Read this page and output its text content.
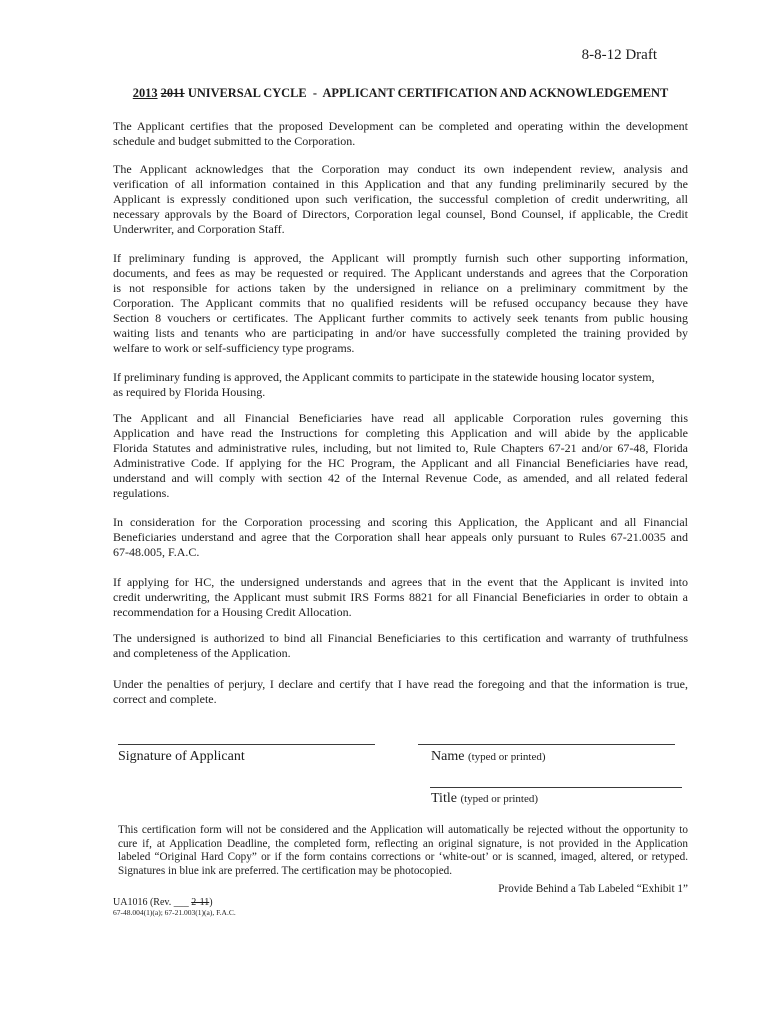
8-8-12 Draft
2013 2011 UNIVERSAL CYCLE  -  APPLICANT CERTIFICATION AND ACKNOWLEDGEMENT
The Applicant certifies that the proposed Development can be completed and operating within the development
schedule and budget submitted to the Corporation.
The Applicant acknowledges that the Corporation may conduct its own independent review, analysis and
verification of all information contained in this Application and that any funding preliminarily secured by the
Applicant is expressly conditioned upon such verification, the successful completion of credit underwriting, all
necessary approvals by the Board of Directors, Corporation legal counsel, Bond Counsel, if applicable, the Credit
Underwriter, and Corporation Staff.
If preliminary funding is approved, the Applicant will promptly furnish such other supporting information,
documents, and fees as may be requested or required. The Applicant understands and agrees that the Corporation
is not responsible for actions taken by the undersigned in reliance on a preliminary commitment by the
Corporation. The Applicant commits that no qualified residents will be refused occupancy because they have
Section 8 vouchers or certificates. The Applicant further commits to actively seek tenants from public housing
waiting lists and tenants who are participating in and/or have successfully completed the training provided by
welfare to work or self-sufficiency type programs.
If preliminary funding is approved, the Applicant commits to participate in the statewide housing locator system,
as required by Florida Housing.
The Applicant and all Financial Beneficiaries have read all applicable Corporation rules governing this
Application and have read the Instructions for completing this Application and will abide by the applicable
Florida Statutes and administrative rules, including, but not limited to, Rule Chapters 67-21 and/or 67-48, Florida
Administrative Code. If applying for the HC Program, the Applicant and all Financial Beneficiaries have read,
understand and will comply with section 42 of the Internal Revenue Code, as amended, and all related federal
regulations.
In consideration for the Corporation processing and scoring this Application, the Applicant and all Financial
Beneficiaries understand and agree that the Corporation shall hear appeals only pursuant to Rules 67-21.0035 and
67-48.005, F.A.C.
If applying for HC, the undersigned understands and agrees that in the event that the Applicant is invited into
credit underwriting, the Applicant must submit IRS Forms 8821 for all Financial Beneficiaries in order to obtain a
recommendation for a Housing Credit Allocation.
The undersigned is authorized to bind all Financial Beneficiaries to this certification and warranty of truthfulness
and completeness of the Application.
Under the penalties of perjury, I declare and certify that I have read the foregoing and that the information is true,
correct and complete.
Signature of Applicant	Name (typed or printed)
Title (typed or printed)
This certification form will not be considered and the Application will automatically be rejected without the opportunity to
cure if, at Application Deadline, the completed form, reflecting an original signature, is not provided in the Application
labeled “Original Hard Copy” or if the form contains corrections or ‘white-out’ or is scanned, imaged, altered, or retyped.
Signatures in blue ink are preferred. The certification may be photocopied.
Provide Behind a Tab Labeled “Exhibit 1”
UA1016 (Rev. ___ 2-11)
67-48.004(1)(a); 67-21.003(1)(a), F.A.C.
